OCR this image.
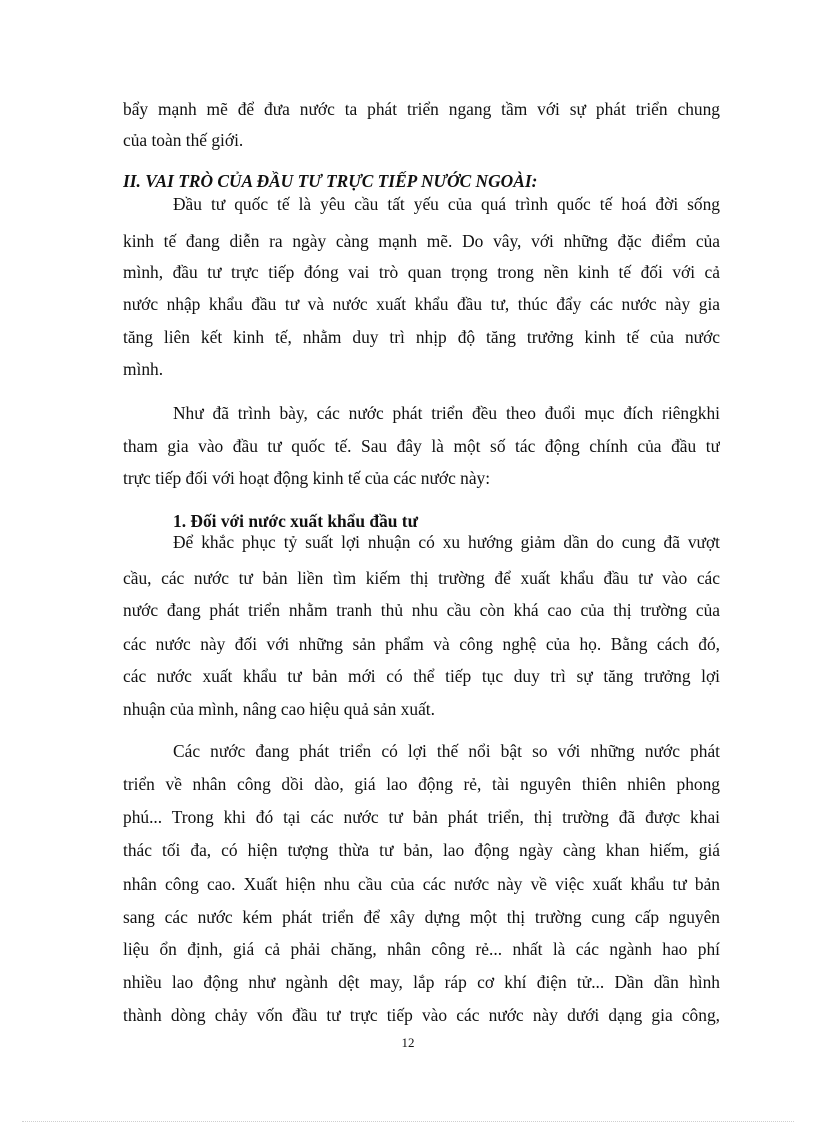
bẩy mạnh mẽ để đưa nước ta phát triển ngang tầm với sự phát triển chung
của toàn thế giới.
II. VAI TRÒ CỦA ĐẦU TƯ TRỰC TIẾP NƯỚC NGOÀI:
Đầu tư quốc tế là yêu cầu tất yếu của quá trình quốc tế hoá đời sống
kinh tế đang diễn ra ngày càng mạnh mẽ. Do vây, với những đặc điểm của
mình, đầu tư trực tiếp đóng vai trò quan trọng trong nền kinh tế đối với cả
nước nhập khẩu đầu tư và nước xuất khẩu đầu tư, thúc đẩy các nước này gia
tăng liên kết kinh tế, nhằm duy trì nhịp độ tăng trưởng kinh tế của nước
mình.
Như đã trình bày, các nước phát triển đều theo đuổi mục đích riêngkhi
tham gia vào đầu tư quốc tế. Sau đây là một số tác động chính của đầu tư
trực tiếp đối với hoạt động kinh tế của các nước này:
1. Đối với nước xuất khẩu đầu tư
Để khắc phục tỷ suất lợi nhuận có xu hướng giảm dần do cung đã vượt
cầu, các nước tư bản liền tìm kiếm thị trường để xuất khẩu đầu tư vào các
nước đang phát triển nhằm tranh thủ nhu cầu còn khá cao của thị trường của
các nước này đối với những sản phẩm và công nghệ của họ. Bằng cách đó,
các nước xuất khẩu tư bản mới có thể tiếp tục duy trì sự tăng trưởng lợi
nhuận của mình, nâng cao hiệu quả sản xuất.
Các nước đang phát triển có lợi thế nổi bật so với những nước phát
triển về nhân công dồi dào, giá lao động rẻ, tài nguyên thiên nhiên phong
phú... Trong khi đó tại các nước tư bản phát triển, thị trường đã được khai
thác tối đa, có hiện tượng thừa tư bản, lao động ngày càng khan hiếm, giá
nhân công cao. Xuất hiện nhu cầu của các nước này về việc xuất khẩu tư bản
sang các nước kém phát triển để xây dựng một thị trường cung cấp nguyên
liệu ổn định, giá cả phải chăng, nhân công rẻ... nhất là các ngành hao phí
nhiều lao động như ngành dệt may, lắp ráp cơ khí điện tử... Dần dần hình
thành dòng chảy vốn đầu tư trực tiếp vào các nước này dưới dạng gia công,
12
